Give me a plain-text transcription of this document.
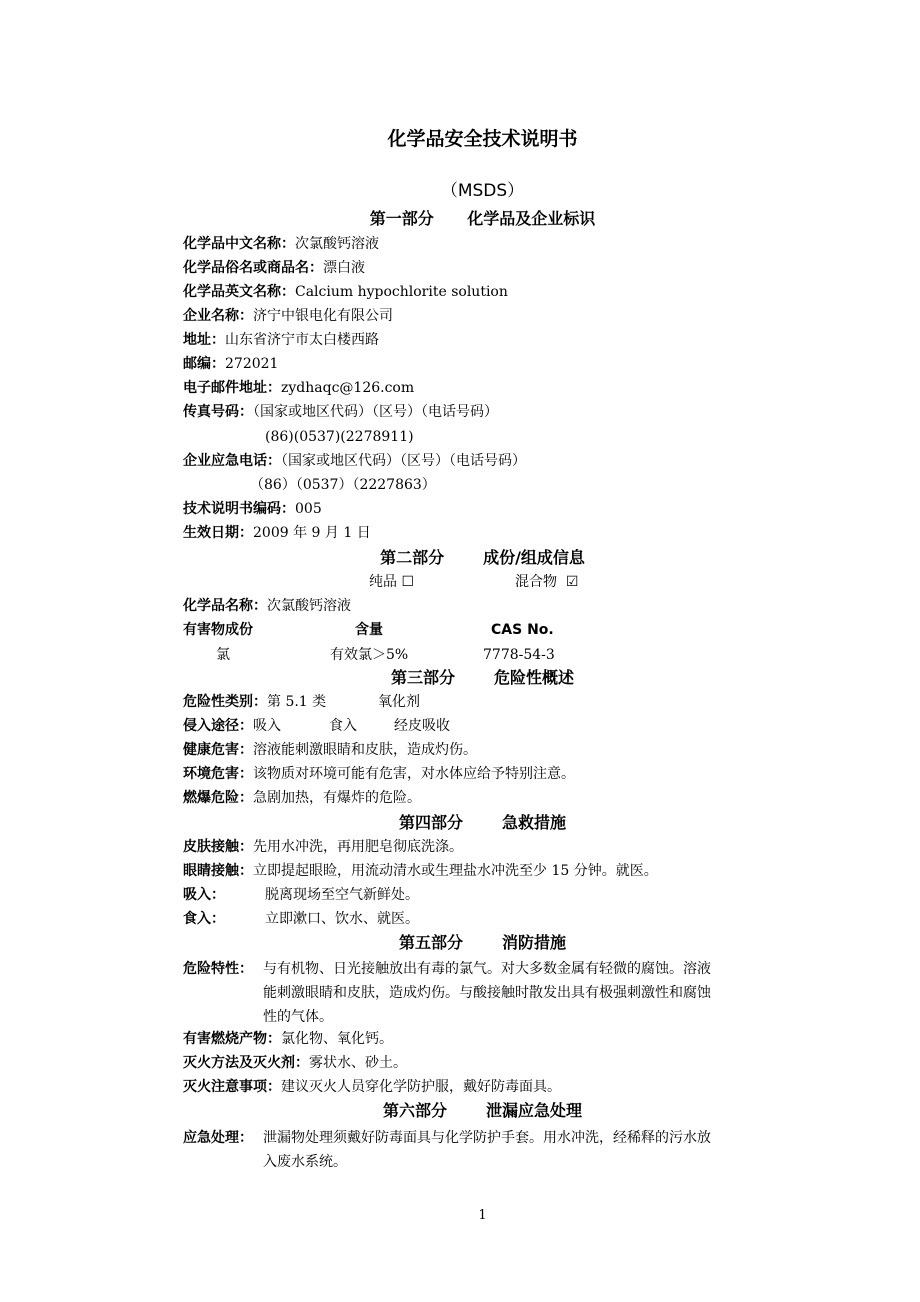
化学品安全技术说明书
（MSDS）
第一部分      化学品及企业标识
化学品中文名称：次氯酸钙溶液
化学品俗名或商品名：漂白液
化学品英文名称：Calcium hypochlorite solution
企业名称：济宁中银电化有限公司
地址：山东省济宁市太白楼西路
邮编：272021
电子邮件地址：zydhaqc@126.com
传真号码：（国家或地区代码）（区号）（电话号码）
(86)(0537)(2278911)
企业应急电话：（国家或地区代码）（区号）（电话号码）
（86）（0537）（2227863）
技术说明书编码：005
生效日期：2009 年 9 月 1 日
第二部分       成份/组成信息
纯品 ☐	混合物 ☑
化学品名称：次氯酸钙溶液
有害物成份	含量	CAS No.
氯	有效氯＞5%	7778-54-3
第三部分       危险性概述
危险性类别：第 5.1 类	氧化剂
侵入途径：吸入	食入	经皮吸收
健康危害：溶液能刺激眼睛和皮肤，造成灼伤。
环境危害：该物质对环境可能有危害，对水体应给予特别注意。
燃爆危险：急剧加热，有爆炸的危险。
第四部分       急救措施
皮肤接触：先用水冲洗，再用肥皂彻底洗涤。
眼睛接触：立即提起眼睑，用流动清水或生理盐水冲洗至少 15 分钟。就医。
吸入：	脱离现场至空气新鲜处。
食入：	立即漱口、饮水、就医。
第五部分       消防措施
危险特性： 与有机物、日光接触放出有毒的氯气。对大多数金属有轻微的腐蚀。溶液
能刺激眼睛和皮肤，造成灼伤。与酸接触时散发出具有极强刺激性和腐蚀
性的气体。
有害燃烧产物：氯化物、氧化钙。
灭火方法及灭火剂：雾状水、砂土。
灭火注意事项：建议灭火人员穿化学防护服，戴好防毒面具。
第六部分       泄漏应急处理
应急处理： 泄漏物处理须戴好防毒面具与化学防护手套。用水冲洗，经稀释的污水放
入废水系统。
1
